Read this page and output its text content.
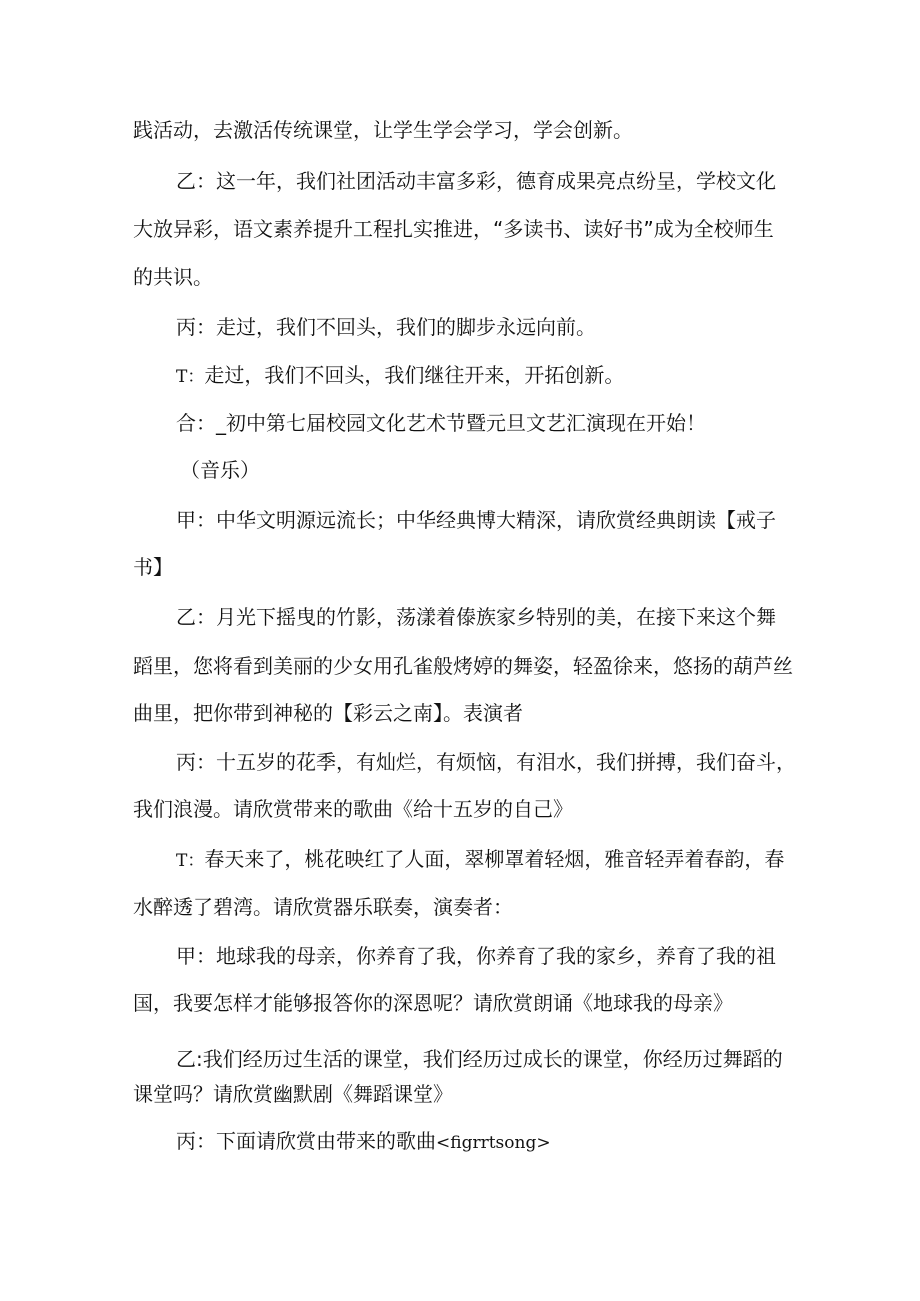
践活动，去激活传统课堂，让学生学会学习，学会创新。
乙：这一年，我们社团活动丰富多彩，德育成果亮点纷呈，学校文化
大放异彩，语文素养提升工程扎实推进，“多读书、读好书”成为全校师生
的共识。
丙：走过，我们不回头，我们的脚步永远向前。
T：走过，我们不回头，我们继往开来，开拓创新。
合：_初中第七届校园文化艺术节暨元旦文艺汇演现在开始！
（音乐）
甲：中华文明源远流长；中华经典博大精深，请欣赏经典朗读【戒子
书】
乙：月光下摇曳的竹影，荡漾着傣族家乡特别的美，在接下来这个舞
蹈里，您将看到美丽的少女用孔雀般烤婷的舞姿，轻盈徐来，悠扬的葫芦丝
曲里，把你带到神秘的【彩云之南】。表演者
丙：十五岁的花季，有灿烂，有烦恼，有泪水，我们拼搏，我们奋斗，
我们浪漫。请欣赏带来的歌曲《给十五岁的自己》
T：春天来了，桃花映红了人面，翠柳罩着轻烟，雅音轻弄着春韵，春
水醉透了碧湾。请欣赏器乐联奏，演奏者：
甲：地球我的母亲，你养育了我，你养育了我的家乡，养育了我的祖
国，我要怎样才能够报答你的深恩呢？请欣赏朗诵《地球我的母亲》
乙:我们经历过生活的课堂，我们经历过成长的课堂，你经历过舞蹈的
课堂吗？请欣赏幽默剧《舞蹈课堂》
丙：下面请欣赏由带来的歌曲<figrrtsong>
